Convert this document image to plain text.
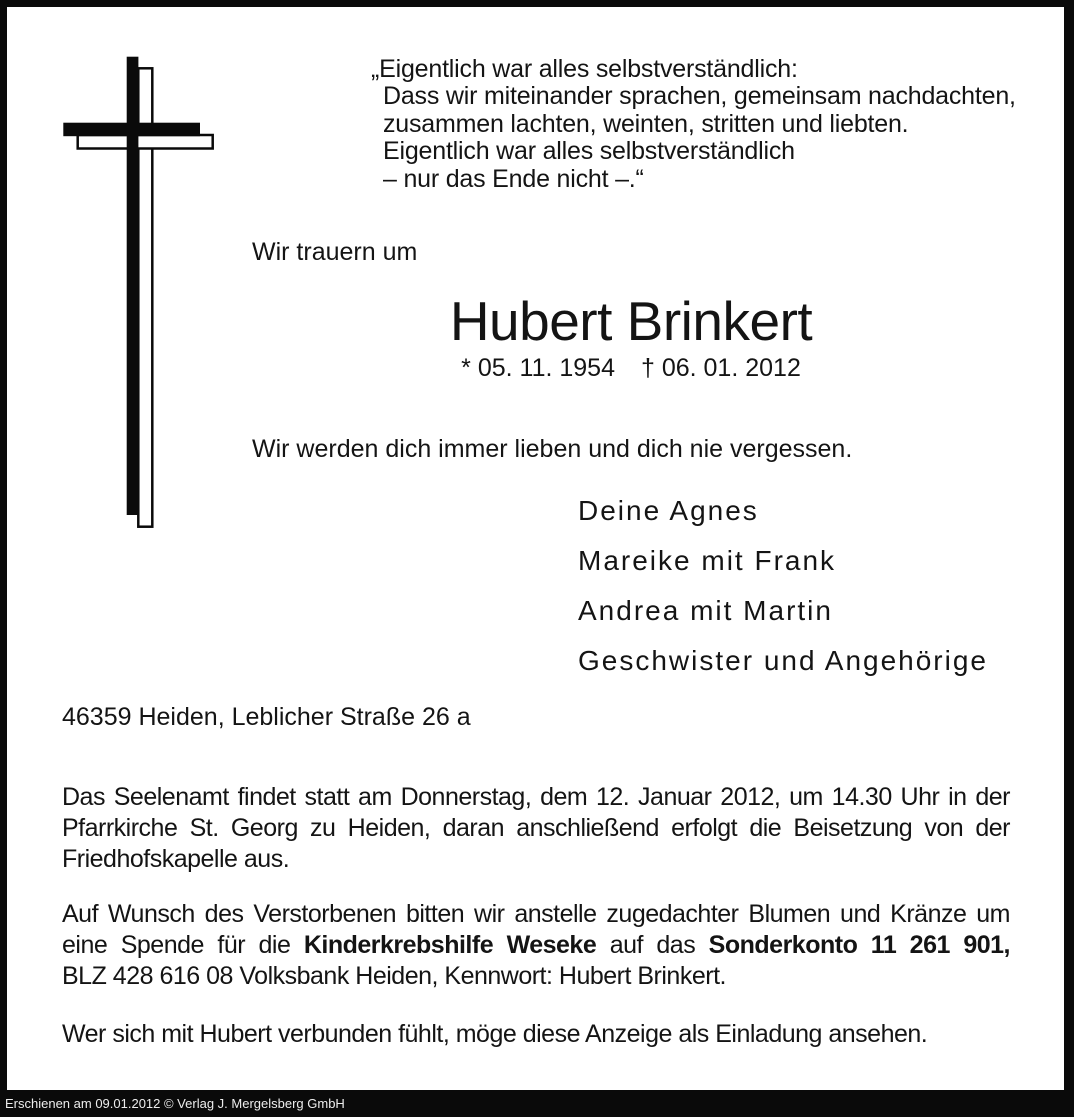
„Eigentlich war alles selbstverständlich:
Dass wir miteinander sprachen, gemeinsam nachdachten,
zusammen lachten, weinten, stritten und liebten.
Eigentlich war alles selbstverständlich
– nur das Ende nicht –.“
Wir trauern um
Hubert Brinkert
* 05. 11. 1954 † 06. 01. 2012
Wir werden dich immer lieben und dich nie vergessen.
Deine Agnes
Mareike mit Frank
Andrea mit Martin
Geschwister und Angehörige
46359 Heiden, Leblicher Straße 26 a
Das Seelenamt findet statt am Donnerstag, dem 12. Januar 2012, um 14.30 Uhr in der
Pfarrkirche St. Georg zu Heiden, daran anschließend erfolgt die Beisetzung von der
Friedhofskapelle aus.
Auf Wunsch des Verstorbenen bitten wir anstelle zugedachter Blumen und Kränze um
eine Spende für die Kinderkrebshilfe Weseke auf das Sonderkonto 11 261 901,
BLZ 428 616 08 Volksbank Heiden, Kennwort: Hubert Brinkert.
Wer sich mit Hubert verbunden fühlt, möge diese Anzeige als Einladung ansehen.
Erschienen am 09.01.2012 © Verlag J. Mergelsberg GmbH
